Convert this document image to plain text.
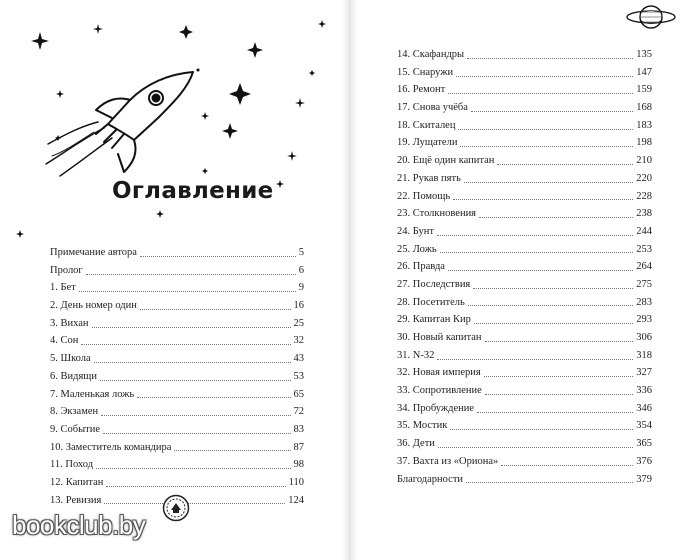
Оглавление
Примечание автора	5
Пролог	6
1. Бет	9
2. День номер один	16
3. Вихан	25
4. Сон	32
5. Школа	43
6. Видящи	53
7. Маленькая ложь	65
8. Экзамен	72
9. Событие	83
10. Заместитель командира	87
11. Поход	98
12. Капитан	110
13. Ревизия	124
14. Скафандры	135
15. Снаружи	147
16. Ремонт	159
17. Снова учёба	168
18. Скиталец	183
19. Лущатели	198
20. Ещё один капитан	210
21. Рукав пять	220
22. Помощь	228
23. Столкновения	238
24. Бунт	244
25. Ложь	253
26. Правда	264
27. Последствия	275
28. Посетитель	283
29. Капитан Кир	293
30. Новый капитан	306
31. N-32	318
32. Новая империя	327
33. Сопротивление	336
34. Пробуждение	346
35. Мостик	354
36. Дети	365
37. Вахта из «Ориона»	376
Благодарности	379
bookclub.by
